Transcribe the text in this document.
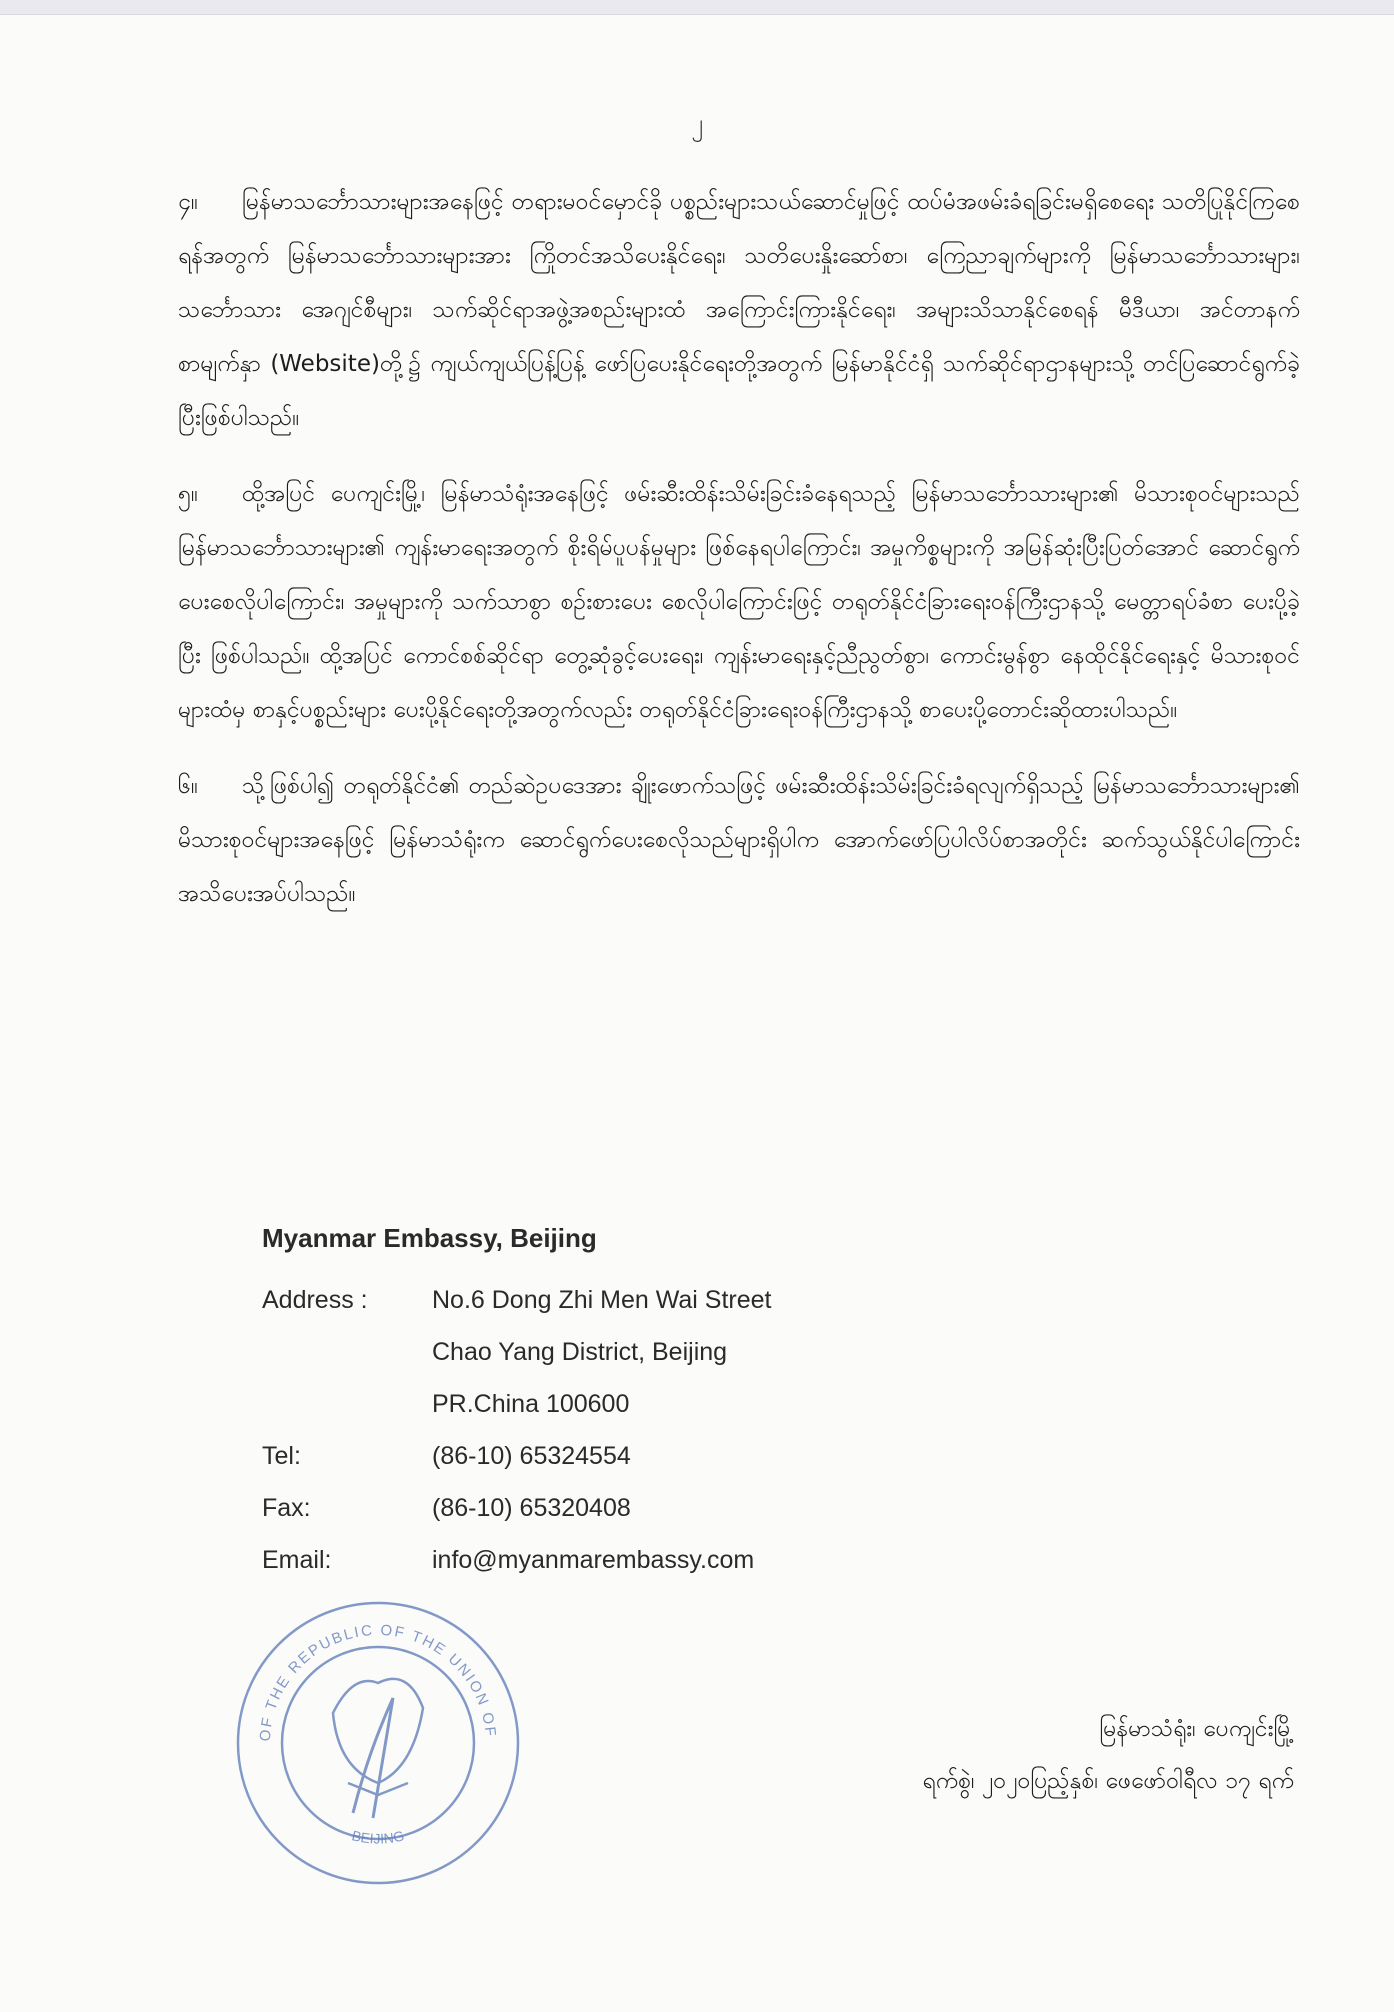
၂

၄။ မြန်မာသင်္ဘောသားများအနေဖြင့် တရားမဝင်မှောင်ခို ပစ္စည်းများသယ်ဆောင်မှုဖြင့် ထပ်မံအဖမ်းခံရခြင်းမရှိစေရေး သတိပြုနိုင်ကြစေရန်အတွက် မြန်မာသင်္ဘောသားများအား ကြိုတင်အသိပေးနိုင်ရေး၊ သတိပေးနှိုးဆော်စာ၊ ကြေညာချက်များကို မြန်မာသင်္ဘောသားများ၊ သင်္ဘောသား အေဂျင်စီများ၊ သက်ဆိုင်ရာအဖွဲ့အစည်းများထံ အကြောင်းကြားနိုင်ရေး၊ အများသိသာနိုင်စေရန် မီဒီယာ၊ အင်တာနက်စာမျက်နှာ (Website)တို့၌ ကျယ်ကျယ်ပြန့်ပြန့် ဖော်ပြပေးနိုင်ရေးတို့အတွက် မြန်မာနိုင်ငံရှိ သက်ဆိုင်ရာဌာနများသို့ တင်ပြဆောင်ရွက်ခဲ့ပြီးဖြစ်ပါသည်။

၅။ ထို့အပြင် ပေကျင်းမြို့၊ မြန်မာသံရုံးအနေဖြင့် ဖမ်းဆီးထိန်းသိမ်းခြင်းခံနေရသည့် မြန်မာသင်္ဘောသားများ၏ မိသားစုဝင်များသည် မြန်မာသင်္ဘောသားများ၏ ကျန်းမာရေးအတွက် စိုးရိမ်ပူပန်မှုများ ဖြစ်နေရပါကြောင်း၊ အမှုကိစ္စများကို အမြန်ဆုံးပြီးပြတ်အောင် ဆောင်ရွက်ပေးစေလိုပါကြောင်း၊ အမှုများကို သက်သာစွာ စဉ်းစားပေး စေလိုပါကြောင်းဖြင့် တရုတ်နိုင်ငံခြားရေးဝန်ကြီးဌာနသို့ မေတ္တာရပ်ခံစာ ပေးပို့ခဲ့ပြီး ဖြစ်ပါသည်။ ထို့အပြင် ကောင်စစ်ဆိုင်ရာ တွေ့ဆုံခွင့်ပေးရေး၊ ကျန်းမာရေးနှင့်ညီညွတ်စွာ၊ ကောင်းမွန်စွာ နေထိုင်နိုင်ရေးနှင့် မိသားစုဝင်များထံမှ စာနှင့်ပစ္စည်းများ ပေးပို့နိုင်ရေးတို့အတွက်လည်း တရုတ်နိုင်ငံခြားရေးဝန်ကြီးဌာနသို့ စာပေးပို့တောင်းဆိုထားပါသည်။

၆။ သို့ဖြစ်ပါ၍ တရုတ်နိုင်ငံ၏ တည်ဆဲဥပဒေအား ချိုးဖောက်သဖြင့် ဖမ်းဆီးထိန်းသိမ်းခြင်းခံရလျက်ရှိသည့် မြန်မာသင်္ဘောသားများ၏ မိသားစုဝင်များအနေဖြင့် မြန်မာသံရုံးက ဆောင်ရွက်ပေးစေလိုသည်များရှိပါက အောက်ဖော်ပြပါလိပ်စာအတိုင်း ဆက်သွယ်နိုင်ပါကြောင်း အသိပေးအပ်ပါသည်။

Myanmar Embassy, Beijing
Address :	No.6 Dong Zhi Men Wai Street
Chao Yang District, Beijing
PR.China 100600
Tel:	(86-10) 65324554
Fax:	(86-10) 65320408
Email:	info@myanmarembassy.com
OF THE REPUBLIC OF THE UNION OF
BEIJING
မြန်မာသံရုံး၊ ပေကျင်းမြို့
ရက်စွဲ၊ ၂၀၂၀ပြည့်နှစ်၊ ဖေဖော်ဝါရီလ ၁၇ ရက်
